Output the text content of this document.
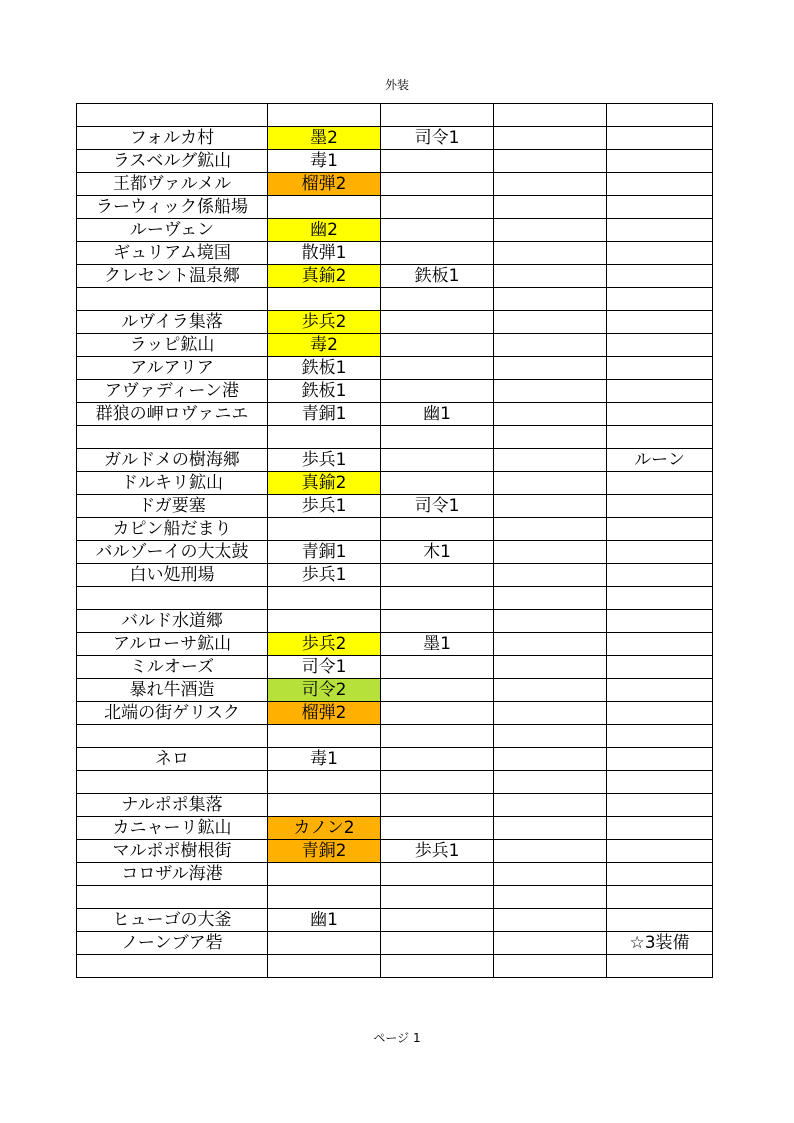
外装

フォルカ村	墨2	司令1		
ラスベルグ鉱山	毒1			
王都ヴァルメル	榴弾2			
ラーウィック係船場				
ルーヴェン	幽2			
ギュリアム境国	散弾1			
クレセント温泉郷	真鍮2	鉄板1		

ルヴイラ集落	歩兵2			
ラッピ鉱山	毒2			
アルアリア	鉄板1			
アヴァディーン港	鉄板1			
群狼の岬ロヴァニエ	青銅1	幽1		

ガルドメの樹海郷	歩兵1			ルーン
ドルキリ鉱山	真鍮2			
ドガ要塞	歩兵1	司令1		
カピン船だまり				
バルゾーイの大太鼓	青銅1	木1		
白い処刑場	歩兵1			

バルド水道郷				
アルローサ鉱山	歩兵2	墨1		
ミルオーズ	司令1			
暴れ牛酒造	司令2			
北端の街ゲリスク	榴弾2			

ネロ	毒1			

ナルポポ集落				
カニャーリ鉱山	カノン2			
マルポポ樹根街	青銅2	歩兵1		
コロザル海港				

ヒューゴの大釜	幽1			
ノーンブア砦				☆3装備

ページ 1
